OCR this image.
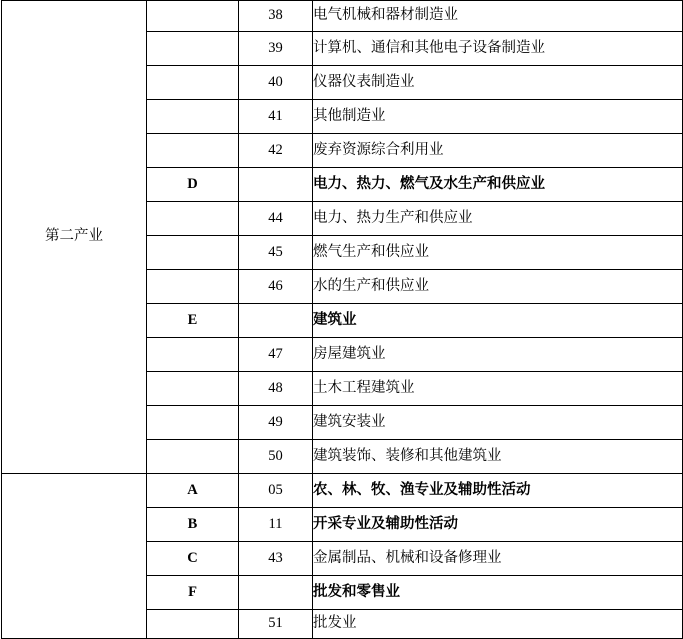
第二产业		38	电气机械和器材制造业
		39	计算机、通信和其他电子设备制造业
		40	仪器仪表制造业
		41	其他制造业
		42	废弃资源综合利用业
	D		电力、热力、燃气及水生产和供应业
		44	电力、热力生产和供应业
		45	燃气生产和供应业
		46	水的生产和供应业
	E		建筑业
		47	房屋建筑业
		48	土木工程建筑业
		49	建筑安装业
		50	建筑装饰、装修和其他建筑业
	A	05	农、林、牧、渔专业及辅助性活动
	B	11	开采专业及辅助性活动
	C	43	金属制品、机械和设备修理业
	F		批发和零售业
		51	批发业
